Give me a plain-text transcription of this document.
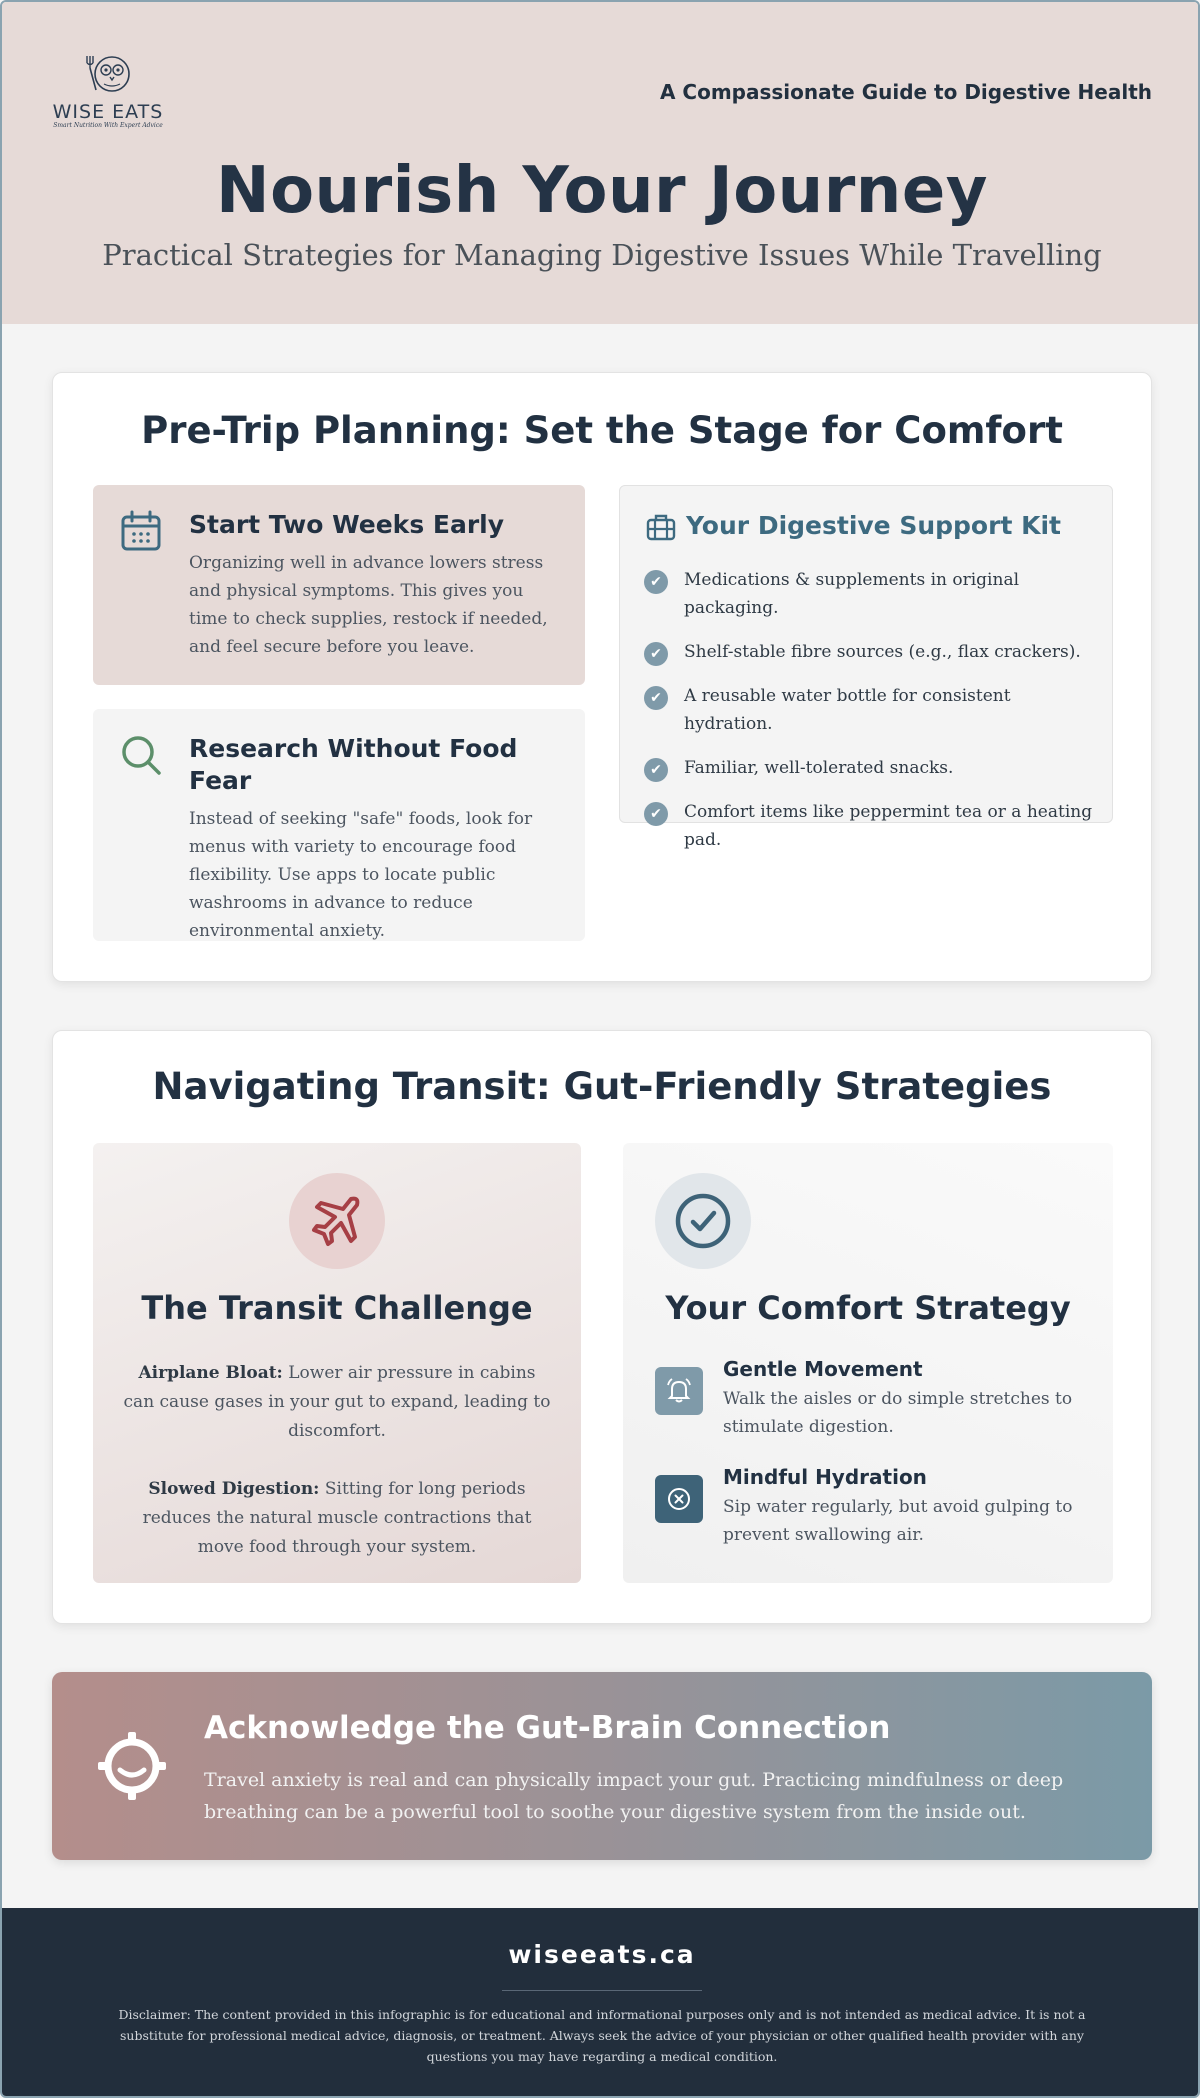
WISE EATS
Smart Nutrition With Expert Advice
A Compassionate Guide to Digestive Health
Nourish Your Journey
Practical Strategies for Managing Digestive Issues While Travelling
Pre-Trip Planning: Set the Stage for Comfort
Start Two Weeks Early

Organizing well in advance lowers stress and physical symptoms. This gives you time to check supplies, restock if needed, and feel secure before you leave.

Research Without Food Fear

Instead of seeking "safe" foods, look for menus with variety to encourage food flexibility. Use apps to locate public washrooms in advance to reduce environmental anxiety.

Your Digestive Support Kit
✔	Medications & supplements in original packaging.
✔	Shelf-stable fibre sources (e.g., flax crackers).
✔	A reusable water bottle for consistent hydration.
✔	Familiar, well-tolerated snacks.
✔	Comfort items like peppermint tea or a heating pad.
Navigating Transit: Gut-Friendly Strategies
The Transit Challenge

Airplane Bloat: Lower air pressure in cabins can cause gases in your gut to expand, leading to discomfort.

Slowed Digestion: Sitting for long periods reduces the natural muscle contractions that move food through your system.

Your Comfort Strategy
Gentle Movement

Walk the aisles or do simple stretches to stimulate digestion.

Mindful Hydration

Sip water regularly, but avoid gulping to prevent swallowing air.

Acknowledge the Gut-Brain Connection

Travel anxiety is real and can physically impact your gut. Practicing mindfulness or deep breathing can be a powerful tool to soothe your digestive system from the inside out.

wiseeats.ca

Disclaimer: The content provided in this infographic is for educational and informational purposes only and is not intended as medical advice. It is not a substitute for professional medical advice, diagnosis, or treatment. Always seek the advice of your physician or other qualified health provider with any questions you may have regarding a medical condition.
